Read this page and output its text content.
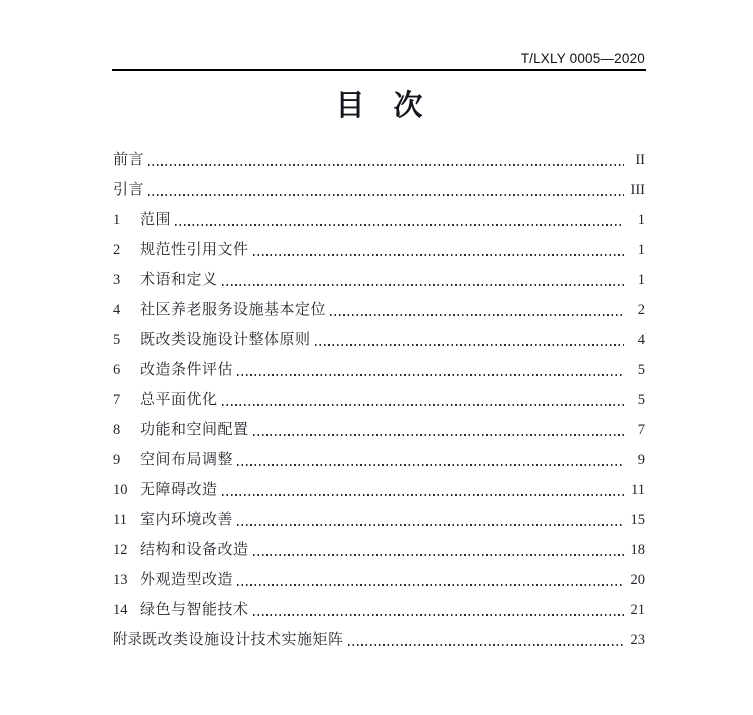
T/LXLY 0005—2020
目　次
前言	II
引言	III
1	范围	1
2	规范性引用文件	1
3	术语和定义	1
4	社区养老服务设施基本定位	2
5	既改类设施设计整体原则	4
6	改造条件评估	5
7	总平面优化	5
8	功能和空间配置	7
9	空间布局调整	9
10 无障碍改造	11
11 室内环境改善	15
12 结构和设备改造	18
13 外观造型改造	20
14 绿色与智能技术	21
附录 既改类设施设计技术实施矩阵	23
